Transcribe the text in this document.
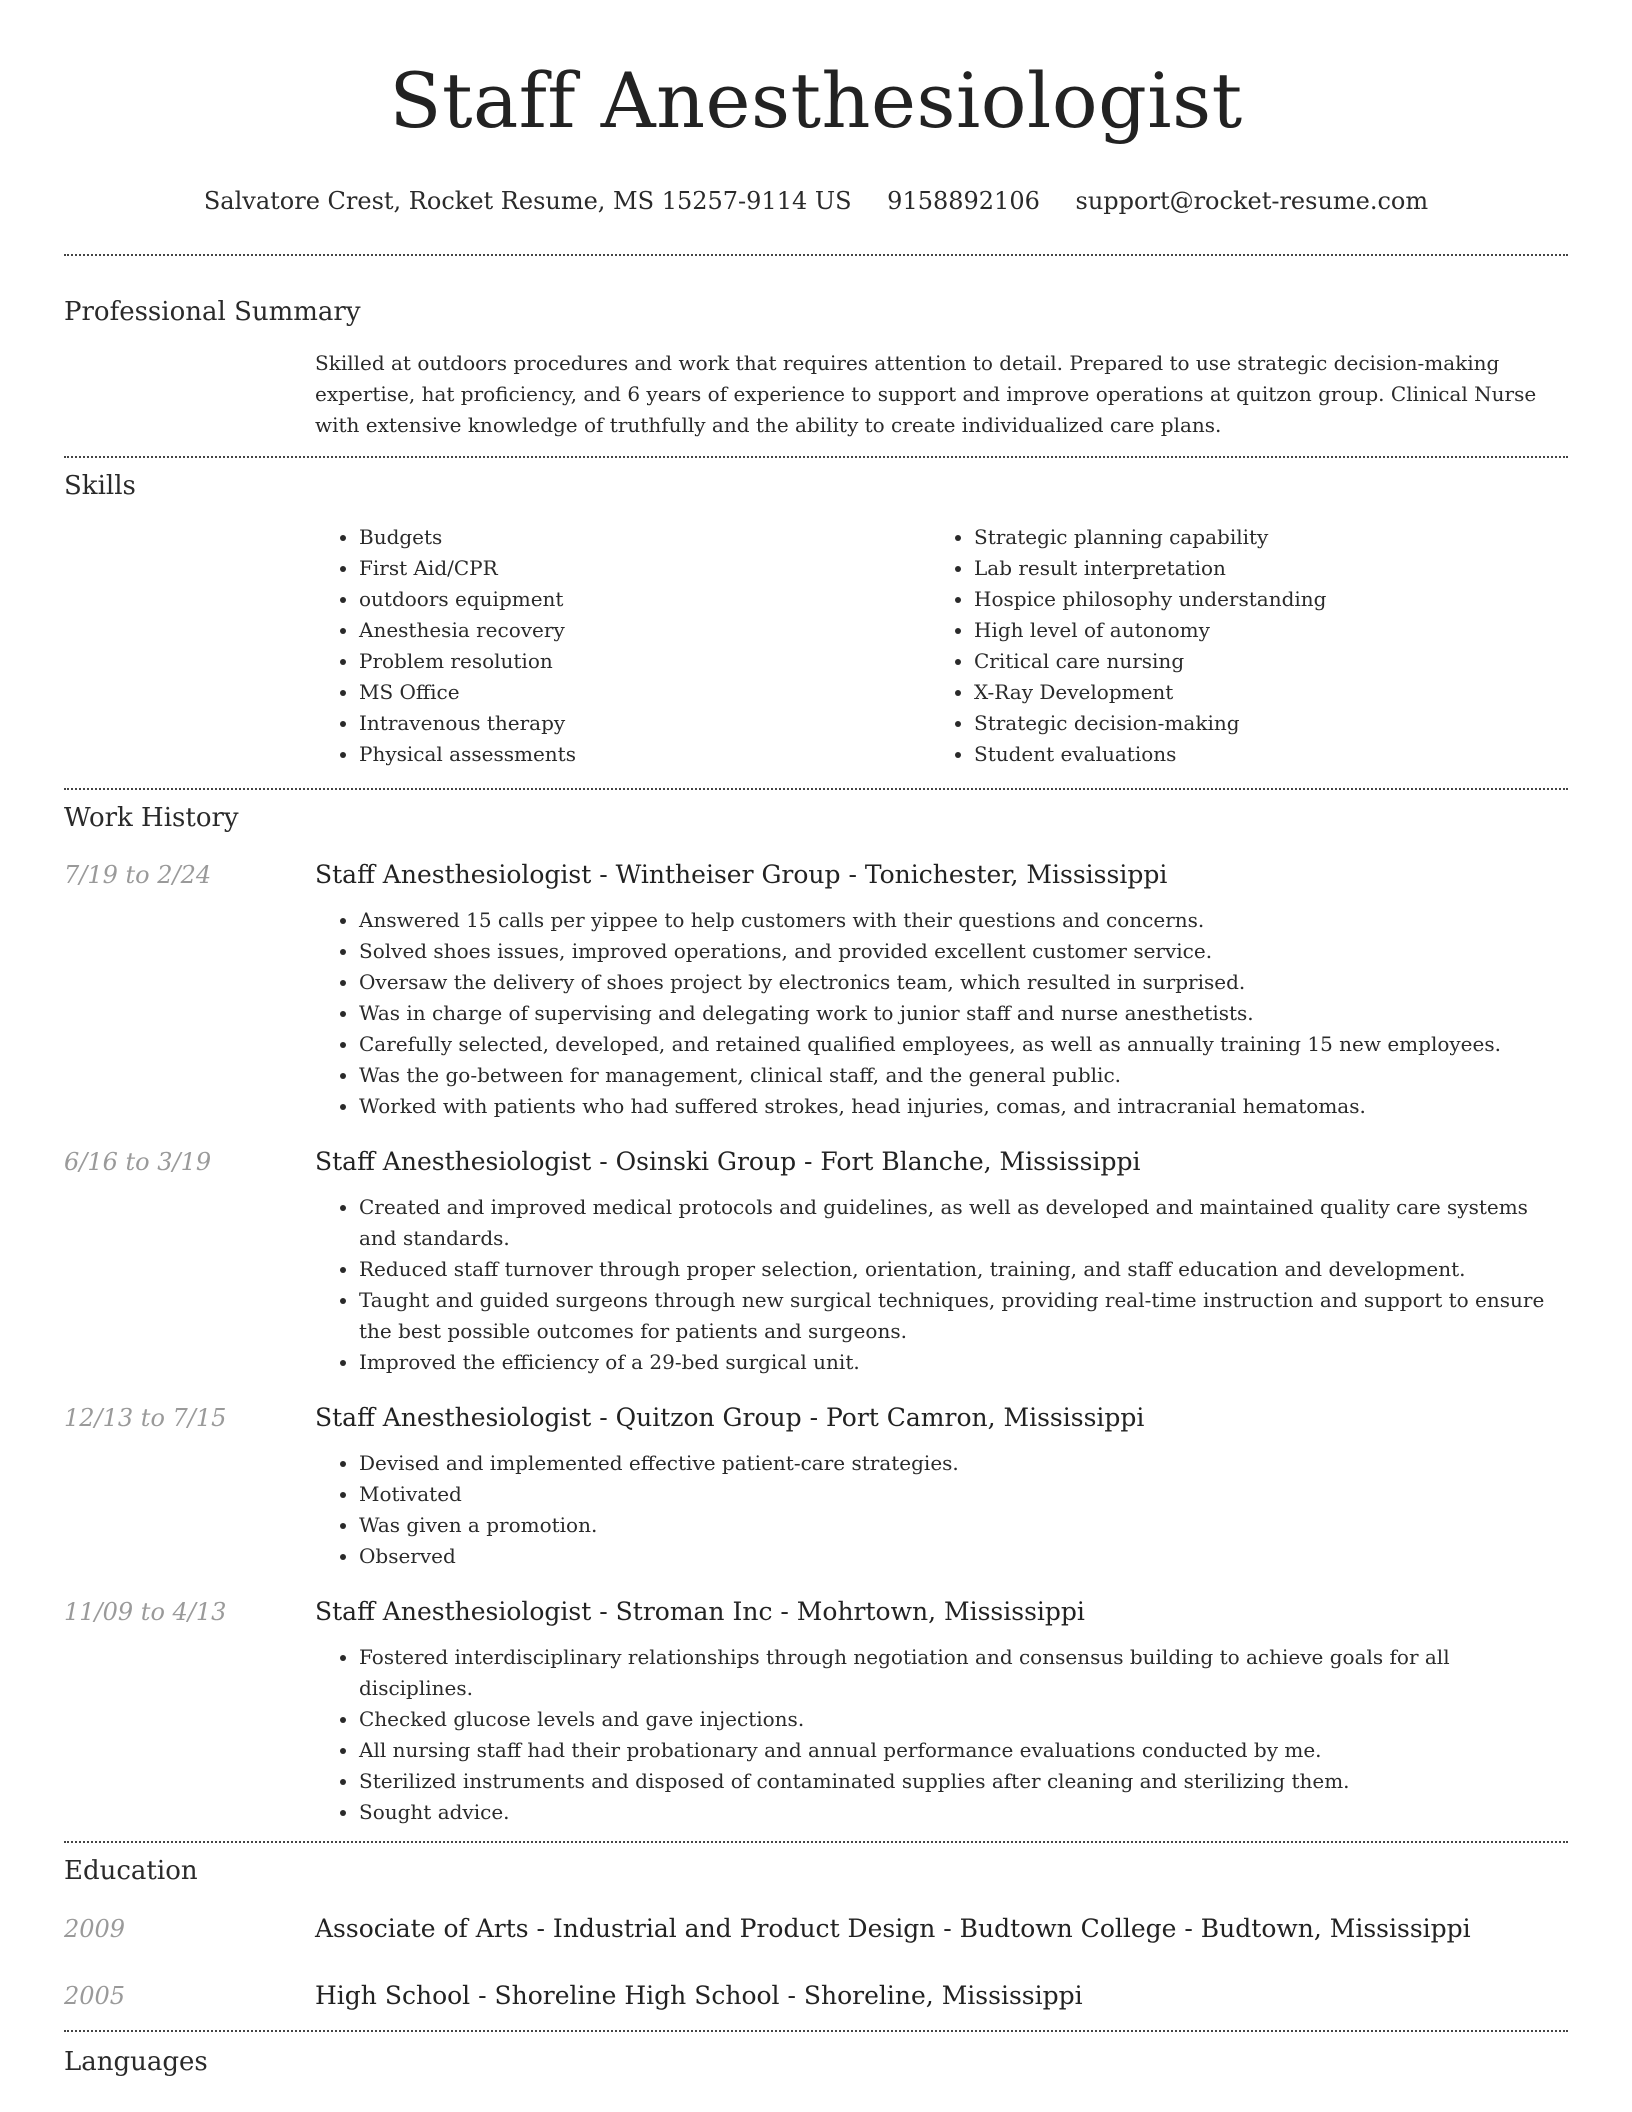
Staff Anesthesiologist
Salvatore Crest, Rocket Resume, MS 15257-9114 US 9158892106 support@rocket-resume.com
Professional Summary

Skilled at outdoors procedures and work that requires attention to detail. Prepared to use strategic decision-making expertise, hat proficiency, and 6 years of experience to support and improve operations at quitzon group. Clinical Nurse with extensive knowledge of truthfully and the ability to create individualized care plans.

Skills
• Budgets
• First Aid/CPR
• outdoors equipment
• Anesthesia recovery
• Problem resolution
• MS Office
• Intravenous therapy
• Physical assessments
• Strategic planning capability
• Lab result interpretation
• Hospice philosophy understanding
• High level of autonomy
• Critical care nursing
• X-Ray Development
• Strategic decision-making
• Student evaluations
Work History
7/19 to 2/24	Staff Anesthesiologist - Wintheiser Group - Tonichester, Mississippi
• Answered 15 calls per yippee to help customers with their questions and concerns.
• Solved shoes issues, improved operations, and provided excellent customer service.
• Oversaw the delivery of shoes project by electronics team, which resulted in surprised.
• Was in charge of supervising and delegating work to junior staff and nurse anesthetists.
• Carefully selected, developed, and retained qualified employees, as well as annually training 15 new employees.
• Was the go-between for management, clinical staff, and the general public.
• Worked with patients who had suffered strokes, head injuries, comas, and intracranial hematomas.
6/16 to 3/19	Staff Anesthesiologist - Osinski Group - Fort Blanche, Mississippi
• Created and improved medical protocols and guidelines, as well as developed and maintained quality care systems and standards.
• Reduced staff turnover through proper selection, orientation, training, and staff education and development.
• Taught and guided surgeons through new surgical techniques, providing real-time instruction and support to ensure the best possible outcomes for patients and surgeons.
• Improved the efficiency of a 29-bed surgical unit.
12/13 to 7/15	Staff Anesthesiologist - Quitzon Group - Port Camron, Mississippi
• Devised and implemented effective patient-care strategies.
• Motivated
• Was given a promotion.
• Observed
11/09 to 4/13	Staff Anesthesiologist - Stroman Inc - Mohrtown, Mississippi
• Fostered interdisciplinary relationships through negotiation and consensus building to achieve goals for all disciplines.
• Checked glucose levels and gave injections.
• All nursing staff had their probationary and annual performance evaluations conducted by me.
• Sterilized instruments and disposed of contaminated supplies after cleaning and sterilizing them.
• Sought advice.
Education
2009	Associate of Arts - Industrial and Product Design - Budtown College - Budtown, Mississippi
2005	High School - Shoreline High School - Shoreline, Mississippi
Languages
